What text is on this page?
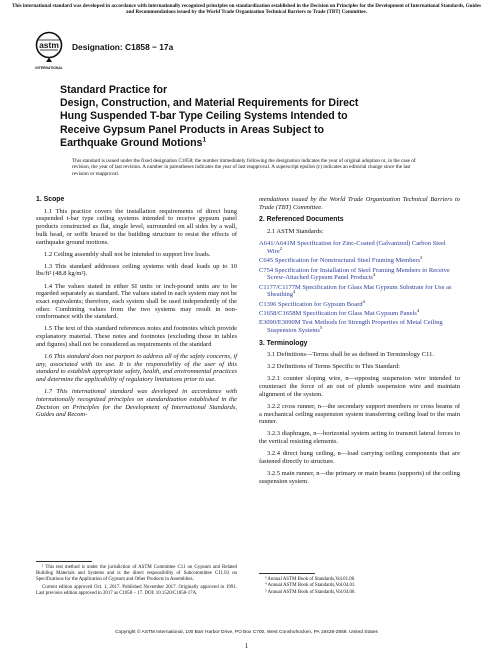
This international standard was developed in accordance with internationally recognized principles on standardization established in the Decision on Principles for the Development of International Standards, Guides and Recommendations issued by the World Trade Organization Technical Barriers to Trade (TBT) Committee.
astm
INTERNATIONAL
Designation: C1858 − 17a
Standard Practice for
Design, Construction, and Material Requirements for Direct
Hung Suspended T-bar Type Ceiling Systems Intended to
Receive Gypsum Panel Products in Areas Subject to
Earthquake Ground Motions$^1$
This standard is issued under the fixed designation C1858; the number immediately following the designation indicates the year of original adoption or, in the case of revision, the year of last revision. A number in parentheses indicates the year of last reapproval. A superscript epsilon (ε) indicates an editorial change since the last revision or reapproval.
1. Scope

1.1 This practice covers the installation requirements of direct hung suspended t-bar type ceiling systems intended to receive gypsum panel products constructed as flat, single level, surrounded on all sides by a wall, bulk head, or soffit braced to the building structure to resist the effects of earthquake ground motions.

1.2 Ceiling assembly shall not be intended to support live loads.

1.3 This standard addresses ceiling systems with dead loads up to 10 lbs/ft² (48.8 kg/m²).

1.4 The values stated in either SI units or inch-pound units are to be regarded separately as standard. The values stated in each system may not be exact equivalents; therefore, each system shall be used independently of the other. Combining values from the two systems may result in non-conformance with the standard.

1.5 The text of this standard references notes and footnotes which provide explanatory material. These notes and footnotes (excluding those in tables and figures) shall not be considered as requirements of the standard

1.6 This standard does not purport to address all of the safety concerns, if any, associated with its use. It is the responsibility of the user of this standard to establish appropriate safety, health, and environmental practices and determine the applicability of regulatory limitations prior to use.

1.7 This international standard was developed in accordance with internationally recognized principles on standardization established in the Decision on Principles for the Development of International Standards, Guides and Recom-

mendations issued by the World Trade Organization Technical Barriers to Trade (TBT) Committee.

2. Referenced Documents

2.1 ASTM Standards:

A641/A641M Specification for Zinc-Coated (Galvanized) Carbon Steel Wire$^2$

C645 Specification for Nonstructural Steel Framing Members$^3$

C754 Specification for Installation of Steel Framing Members to Receive Screw-Attached Gypsum Panel Products$^4$

C1177/C1177M Specification for Glass Mat Gypsum Substrate for Use as Sheathing$^4$

C1396 Specification for Gypsum Board$^4$

C1658/C1658M Specification for Glass Mat Gypsum Panels$^4$

E3090/E3090M Test Methods for Strength Properties of Metal Ceiling Suspension Systems$^5$

3. Terminology

3.1 Definitions—Terms shall be as defined in Terminology C11.

3.2 Definitions of Terms Specific to This Standard:

3.2.1 counter sloping wire, n—opposing suspension wire intended to counteract the force of an out of plumb suspension wire and maintain alignment of the system.

3.2.2 cross runner, n—the secondary support members or cross beams of a mechanical ceiling suspension system transferring ceiling load to the main runner.

3.2.3 diaphragm, n—horizontal system acting to transmit lateral forces to the vertical resisting elements.

3.2.4 direct hung ceiling, n—load carrying ceiling components that are fastened directly to structure.

3.2.5 main runner, n—the primary or main beams (supports) of the ceiling suspension system.

¹ This test method is under the jurisdiction of ASTM Committee C11 on Gypsum and Related Building Materials and Systems and is the direct responsibility of Subcommittee C11.03 on Specifications for the Application of Gypsum and Other Products in Assemblies.

Current edition approved Oct. 1, 2017. Published November 2017. Originally approved in 1991. Last previous edition approved in 2017 as C1858 – 17. DOI: 10.1520/C1858-17A.

³ Annual ASTM Book of Standards,Vol.01.06.

⁴ Annual ASTM Book of Standards,Vol.04.01.

⁵ Annual ASTM Book of Standards,Vol.04.06.

Copyright © ASTM International, 100 Barr Harbor Drive, PO Box C700, West Conshohocken, PA 19428-2959. United States
1
